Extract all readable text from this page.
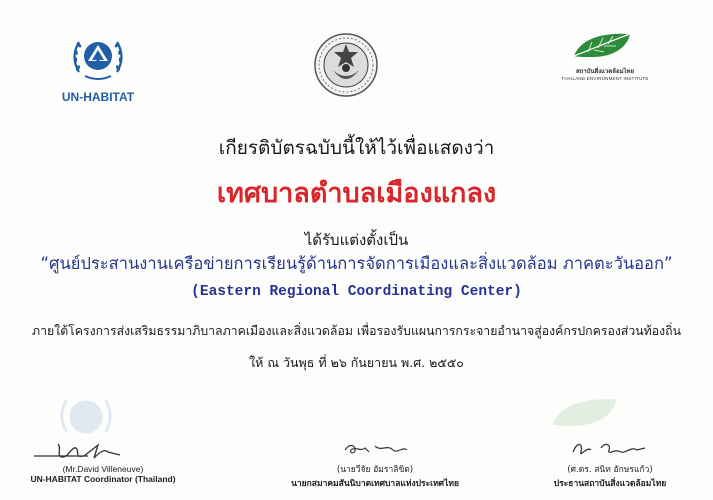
UN-HABITAT
สถาบันสิ่งแวดล้อมไทย
THAILAND ENVIRONMENT INSTITUTE
เกียรติบัตรฉบับนี้ให้ไว้เพื่อแสดงว่า
เทศบาลตำบลเมืองแกลง
ได้รับแต่งตั้งเป็น
“ศูนย์ประสานงานเครือข่ายการเรียนรู้ด้านการจัดการเมืองและสิ่งแวดล้อม ภาคตะวันออก”
(Eastern Regional Coordinating Center)
ภายใต้โครงการส่งเสริมธรรมาภิบาลภาคเมืองและสิ่งแวดล้อม เพื่อรองรับแผนการกระจายอำนาจสู่องค์กรปกครองส่วนท้องถิ่น
ให้ ณ วันพุธ ที่ ๒๖ กันยายน พ.ศ. ๒๕๕๐
(Mr.David Villeneuve)
UN-HABITAT Coordinator (Thailand)
(นายวีจัย อัมราลิขิต)
นายกสมาคมสันนิบาตเทศบาลแห่งประเทศไทย
(ศ.ดร. สนิท อักษรแก้ว)
ประธานสถาบันสิ่งแวดล้อมไทย
